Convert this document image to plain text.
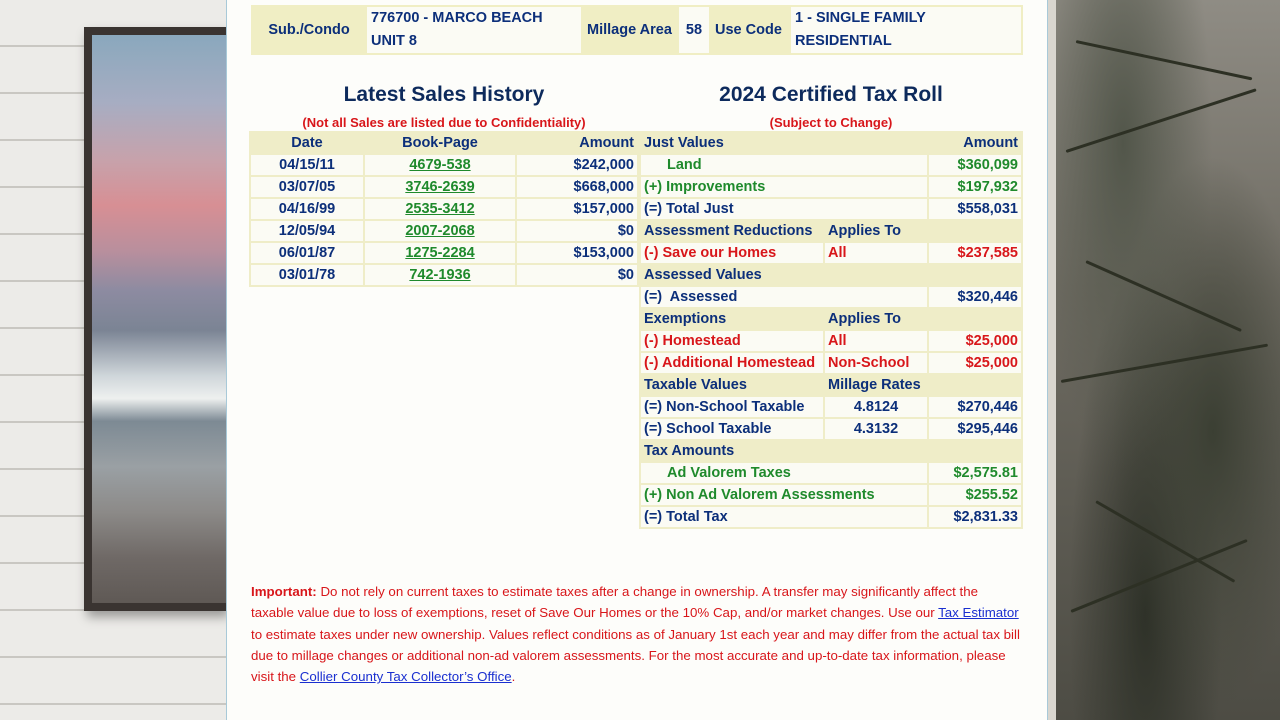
Sub./Condo	776700 - MARCO BEACH UNIT 8	Millage Area	58	Use Code	1 - SINGLE FAMILY RESIDENTIAL
Latest Sales History
(Not all Sales are listed due to Confidentiality)
Date	Book-Page	Amount
04/15/11	4679-538	$242,000
03/07/05	3746-2639	$668,000
04/16/99	2535-3412	$157,000
12/05/94	2007-2068	$0
06/01/87	1275-2284	$153,000
03/01/78	742-1936	$0
2024 Certified Tax Roll
(Subject to Change)
Just Values		Amount
Land		$360,099
(+) Improvements		$197,932
(=) Total Just		$558,031
Assessment Reductions	Applies To	
(-) Save our Homes	All	$237,585
Assessed Values		
(=)  Assessed		$320,446
Exemptions	Applies To	
(-) Homestead	All	$25,000
(-) Additional Homestead	Non-School	$25,000
Taxable Values	Millage Rates	
(=) Non-School Taxable	4.8124	$270,446
(=) School Taxable	4.3132	$295,446
Tax Amounts		
Ad Valorem Taxes		$2,575.81
(+) Non Ad Valorem Assessments		$255.52
(=) Total Tax		$2,831.33
Important: Do not rely on current taxes to estimate taxes after a change in ownership. A transfer may significantly affect the taxable value due to loss of exemptions, reset of Save Our Homes or the 10% Cap, and/or market changes. Use our Tax Estimator to estimate taxes under new ownership. Values reflect conditions as of January 1st each year and may differ from the actual tax bill due to millage changes or additional non-ad valorem assessments. For the most accurate and up-to-date tax information, please visit the Collier County Tax Collector’s Office.
